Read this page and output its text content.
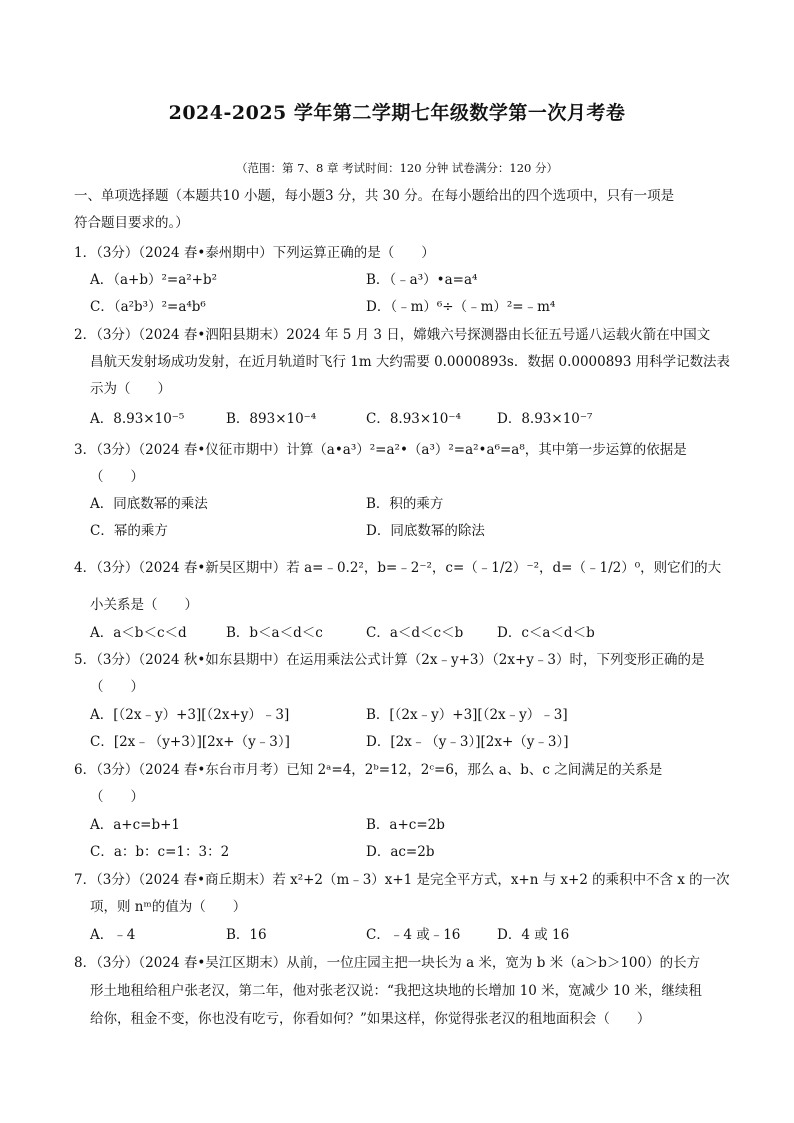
2024-2025 学年第二学期七年级数学第一次月考卷
（范围：第 7、8 章 考试时间：120 分钟 试卷满分：120 分）
一、单项选择题（本题共10 小题，每小题3 分，共 30 分。在每小题给出的四个选项中，只有一项是
符合题目要求的。）
1．（3分）（2024 春•泰州期中）下列运算正确的是（　　）
A．（a+b）²=a²+b²	B．（﹣a³）•a=a⁴
C．（a²b³）²=a⁴b⁶	D．（﹣m）⁶÷（﹣m）²=﹣m⁴
2．（3分）（2024 春•泗阳县期末）2024 年 5 月 3 日，嫦娥六号探测器由长征五号遥八运载火箭在中国文
昌航天发射场成功发射，在近月轨道时飞行 1m 大约需要 0.0000893s．数据 0.0000893 用科学记数法表
示为（　　）
A．8.93×10⁻⁵	B．893×10⁻⁴	C．8.93×10⁻⁴	D．8.93×10⁻⁷
3．（3分）（2024 春•仪征市期中）计算（a•a³）²=a²•（a³）²=a²•a⁶=a⁸，其中第一步运算的依据是
（　　）
A．同底数幂的乘法	B．积的乘方
C．幂的乘方	D．同底数幂的除法
4．（3分）（2024 春•新吴区期中）若 a=﹣0.2²，b=﹣2⁻²，c=（﹣1/2）⁻²，d=（﹣1/2）⁰，则它们的大
小关系是（　　）
A．a＜b＜c＜d	B．b＜a＜d＜c	C．a＜d＜c＜b	D．c＜a＜d＜b
5．（3分）（2024 秋•如东县期中）在运用乘法公式计算（2x﹣y+3）（2x+y﹣3）时，下列变形正确的是
（　　）
A．[（2x﹣y）+3][（2x+y）﹣3]	B．[（2x﹣y）+3][（2x﹣y）﹣3]
C．[2x﹣（y+3）][2x+（y﹣3）]	D．[2x﹣（y﹣3）][2x+（y﹣3）]
6．（3分）（2024 春•东台市月考）已知 2ᵃ=4，2ᵇ=12，2ᶜ=6，那么 a、b、c 之间满足的关系是
（　　）
A．a+c=b+1	B．a+c=2b
C．a：b：c=1：3：2	D．ac=2b
7．（3分）（2024 春•商丘期末）若 x²+2（m﹣3）x+1 是完全平方式，x+n 与 x+2 的乘积中不含 x 的一次
项，则 nᵐ的值为（　　）
A．﹣4	B．16	C．﹣4 或﹣16	D．4 或 16
8．（3分）（2024 春•吴江区期末）从前，一位庄园主把一块长为 a 米，宽为 b 米（a＞b＞100）的长方
形土地租给租户张老汉，第二年，他对张老汉说：“我把这块地的长增加 10 米，宽减少 10 米，继续租
给你，租金不变，你也没有吃亏，你看如何？”如果这样，你觉得张老汉的租地面积会（　　）
